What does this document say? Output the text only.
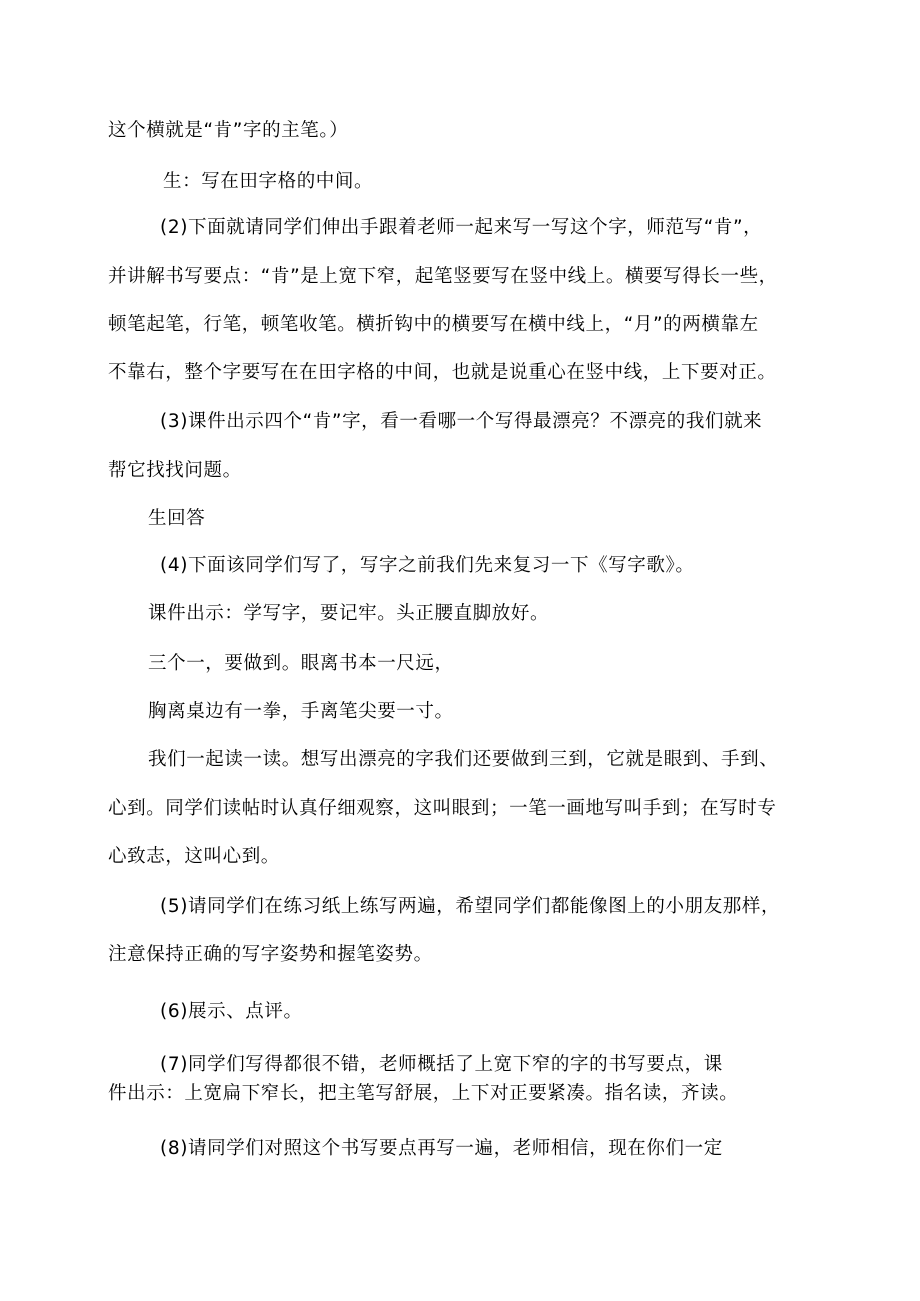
这个横就是“肯”字的主笔。）
生：写在田字格的中间。
(2)下面就请同学们伸出手跟着老师一起来写一写这个字，师范写“肯”，
并讲解书写要点：“肯”是上宽下窄，起笔竖要写在竖中线上。横要写得长一些，
顿笔起笔，行笔，顿笔收笔。横折钩中的横要写在横中线上，“月”的两横靠左
不靠右，整个字要写在在田字格的中间，也就是说重心在竖中线，上下要对正。
(3)课件出示四个“肯”字，看一看哪一个写得最漂亮？不漂亮的我们就来
帮它找找问题。
生回答
(4)下面该同学们写了，写字之前我们先来复习一下《写字歌》。
课件出示：学写字，要记牢。头正腰直脚放好。
三个一，要做到。眼离书本一尺远，
胸离桌边有一拳，手离笔尖要一寸。
我们一起读一读。想写出漂亮的字我们还要做到三到，它就是眼到、手到、
心到。同学们读帖时认真仔细观察，这叫眼到；一笔一画地写叫手到；在写时专
心致志，这叫心到。
(5)请同学们在练习纸上练写两遍，希望同学们都能像图上的小朋友那样，
注意保持正确的写字姿势和握笔姿势。
(6)展示、点评。
(7)同学们写得都很不错，老师概括了上宽下窄的字的书写要点，课
件出示：上宽扁下窄长，把主笔写舒展，上下对正要紧凑。指名读，齐读。
(8)请同学们对照这个书写要点再写一遍，老师相信，现在你们一定
